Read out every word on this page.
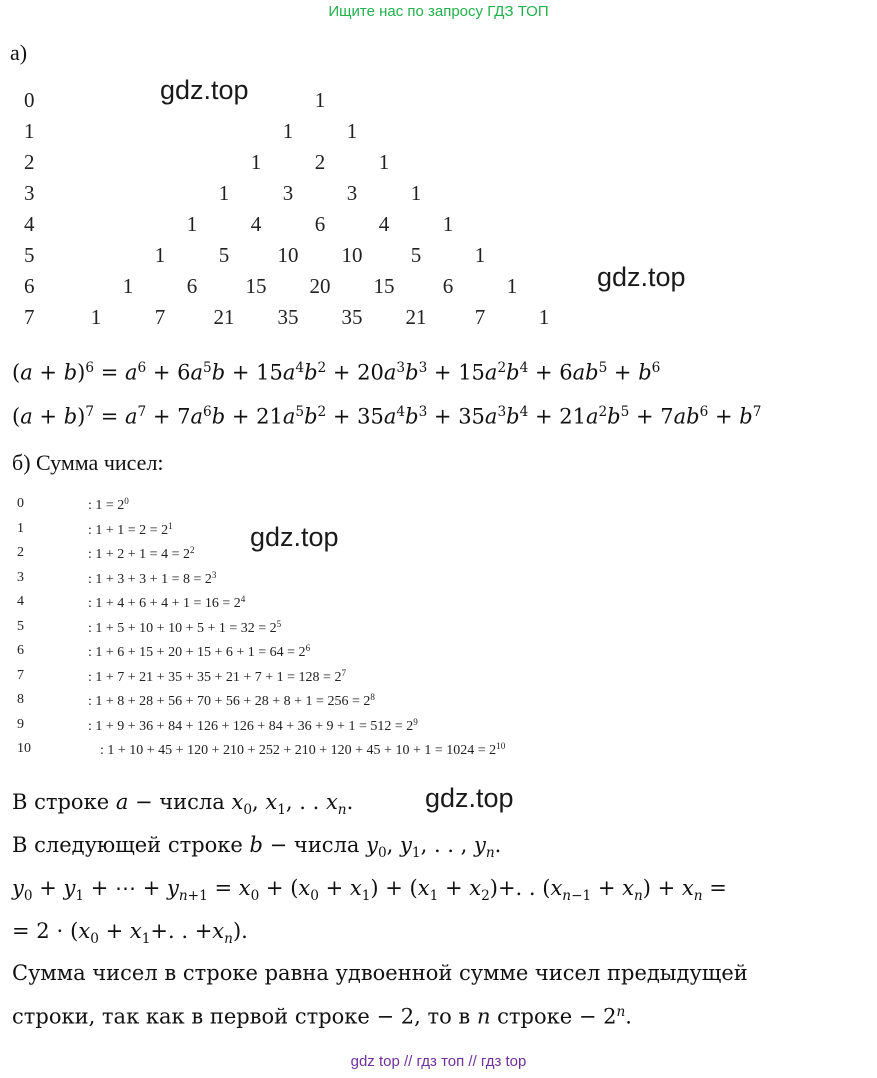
Ищите нас по запросу ГДЗ ТОП
а)
gdz.top
gdz.top
gdz.top
gdz.top
0	1
1	1	1
2	1	2	1
3	1	3	3	1
4	1	4	6	4	1
5	1	5 10 10 5	1
6	1	6 15 20 15 6	1
7	1	7 21 35 35 21 7	1
$(a + b)^6 = a^6 + 6a^5b + 15a^4b^2 + 20a^3b^3 + 15a^2b^4 + 6ab^5 + b^6$
$(a + b)^7 = a^7 + 7a^6b + 21a^5b^2 + 35a^4b^3 + 35a^3b^4 + 21a^2b^5 + 7ab^6 + b^7$
б) Сумма чисел:
0	: $1 = 2^0$
1	: $1 + 1 = 2 = 2^1$
2	: $1 + 2 + 1 = 4 = 2^2$
3	: $1 + 3 + 3 + 1 = 8 = 2^3$
4	: $1 + 4 + 6 + 4 + 1 = 16 = 2^4$
5	: $1 + 5 + 10 + 10 + 5 + 1 = 32 = 2^5$
6	: $1 + 6 + 15 + 20 + 15 + 6 + 1 = 64 = 2^6$
7	: $1 + 7 + 21 + 35 + 35 + 21 + 7 + 1 = 128 = 2^7$
8	: $1 + 8 + 28 + 56 + 70 + 56 + 28 + 8 + 1 = 256 = 2^8$
9	: $1 + 9 + 36 + 84 + 126 + 126 + 84 + 36 + 9 + 1 = 512 = 2^9$
10	: $1 + 10 + 45 + 120 + 210 + 252 + 210 + 120 + 45 + 10 + 1 = 1024 = 2^{10}$
В строке a − числа $x_0$, $x_1$, . . $x_n$.
В следующей строке b − числа $y_0$, $y_1$, . . , $y_n$.
$y_0 + y_1$ + ⋯ + $y_{n+1} = x_0 + (x_0 + x_1) + (x_1 + x_2)+$. . $(x_{n-1} + x_n) + x_n$ =
= $2 \cdot (x_0 + x_1+$. . $+x_n$).
Сумма чисел в строке равна удвоенной сумме чисел предыдущей
строки, так как в первой строке − 2, то в n строке − $2^n$.
gdz top // гдз топ // гдз top
